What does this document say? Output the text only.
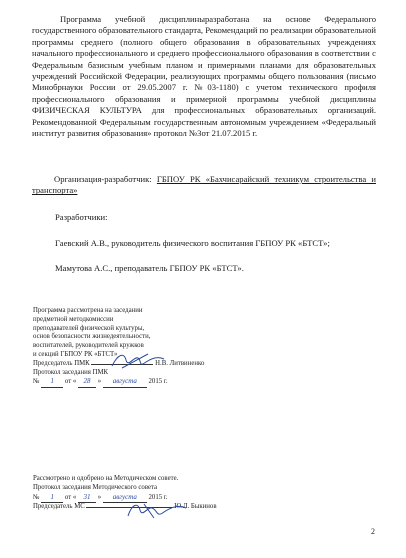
Программа учебной дисциплиныразработана на основе Федерального государственного образовательного стандарта, Рекомендаций по реализации образовательной программы среднего (полного общего образования в образовательных учреждениях начального профессионального и среднего профессионального образования в соответствии с Федеральным базисным учебным планом и примерными планами для образовательных учреждений Российской Федерации, реализующих программы общего пользования (письмо Минобрнауки России от 29.05.2007 г. №03-1180) с учетом технического профиля профессионального образования и примерной программы учебной дисциплины ФИЗИЧЕСКАЯ КУЛЬТУРА для профессиональных образовательных организаций. Рекомендованной Федеральным государственным автономным учреждением «Федеральный институт развития образования» протокол №3от 21.07.2015 г.
Организация-разработчик: ГБПОУ РК «Бахчисарайский техникум строительства и транспорта»
Разработчики:
Гаевский А.В., руководитель физического воспитания ГБПОУ РК «БТСТ»;
Мамутова А.С., преподаватель ГБПОУ РК «БТСТ».
Программа рассмотрена на заседании
предметной методкомиссии
преподавателей физической культуры,
основ безопасности жизнедеятельности,
воспитателей, руководителей кружков
и секций ГБПОУ РК «БТСТ»
Председатель ПМК	Н.В. Литвиненко
Протокол заседания ПМК
№ 1 от « 28 » августа 2015 г.
Рассмотрено и одобрено на Методическом совете.
Протокол заседания Методического совета
№ 1 от « 31 » августа 2015 г.
Председатель МС	Ю.Л. Быкинов
2
